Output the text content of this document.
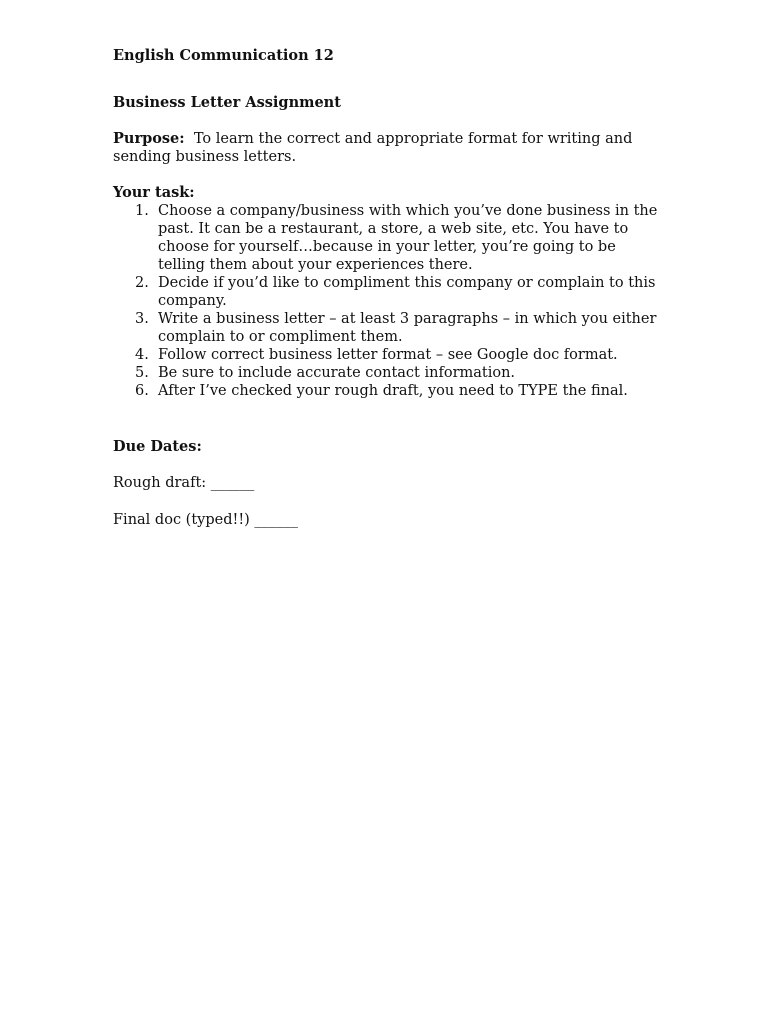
English Communication 12

Business Letter Assignment

Purpose: To learn the correct and appropriate format for writing and sending business letters.

Your task:

1. Choose a company/business with which you’ve done business in the past. It can be a restaurant, a store, a web site, etc. You have to choose for yourself…because in your letter, you’re going to be telling them about your experiences there.
2. Decide if you’d like to compliment this company or complain to this company.
3. Write a business letter – at least 3 paragraphs – in which you either complain to or compliment them.
4. Follow correct business letter format – see Google doc format.
5. Be sure to include accurate contact information.
6. After I’ve checked your rough draft, you need to TYPE the final.

Due Dates:

Rough draft: ______

Final doc (typed!!) ______
